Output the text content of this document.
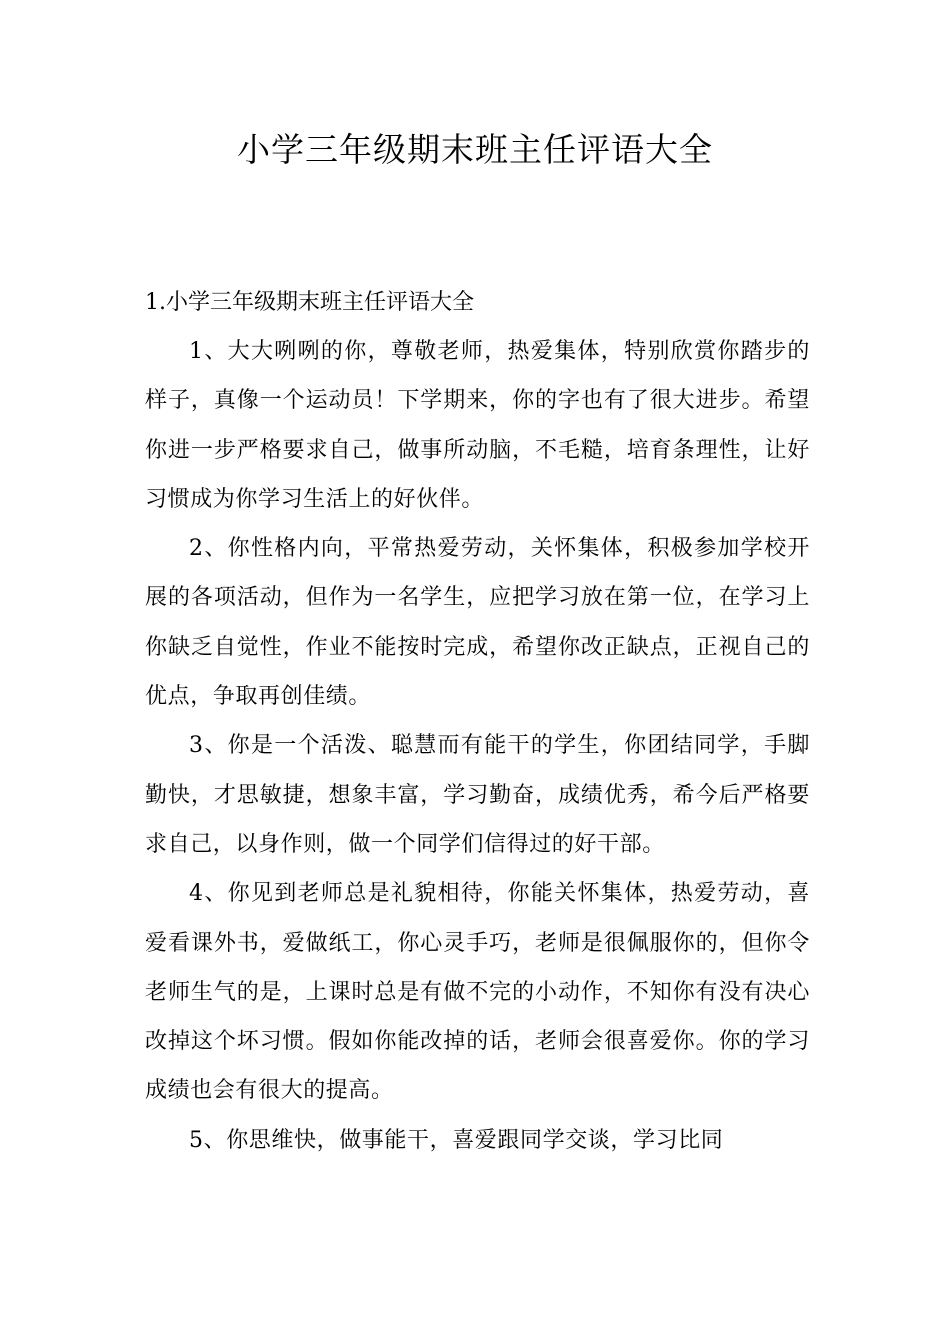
小学三年级期末班主任评语大全

1.小学三年级期末班主任评语大全

1、大大咧咧的你，尊敬老师，热爱集体，特别欣赏你踏步的样子，真像一个运动员！下学期来，你的字也有了很大进步。希望你进一步严格要求自己，做事所动脑，不毛糙，培育条理性，让好习惯成为你学习生活上的好伙伴。

2、你性格内向，平常热爱劳动，关怀集体，积极参加学校开展的各项活动，但作为一名学生，应把学习放在第一位，在学习上你缺乏自觉性，作业不能按时完成，希望你改正缺点，正视自己的优点，争取再创佳绩。

3、你是一个活泼、聪慧而有能干的学生，你团结同学，手脚勤快，才思敏捷，想象丰富，学习勤奋，成绩优秀，希今后严格要求自己，以身作则，做一个同学们信得过的好干部。

4、你见到老师总是礼貌相待，你能关怀集体，热爱劳动，喜爱看课外书，爱做纸工，你心灵手巧，老师是很佩服你的，但你令老师生气的是，上课时总是有做不完的小动作，不知你有没有决心改掉这个坏习惯。假如你能改掉的话，老师会很喜爱你。你的学习成绩也会有很大的提高。

5、你思维快，做事能干，喜爱跟同学交谈，学习比同
